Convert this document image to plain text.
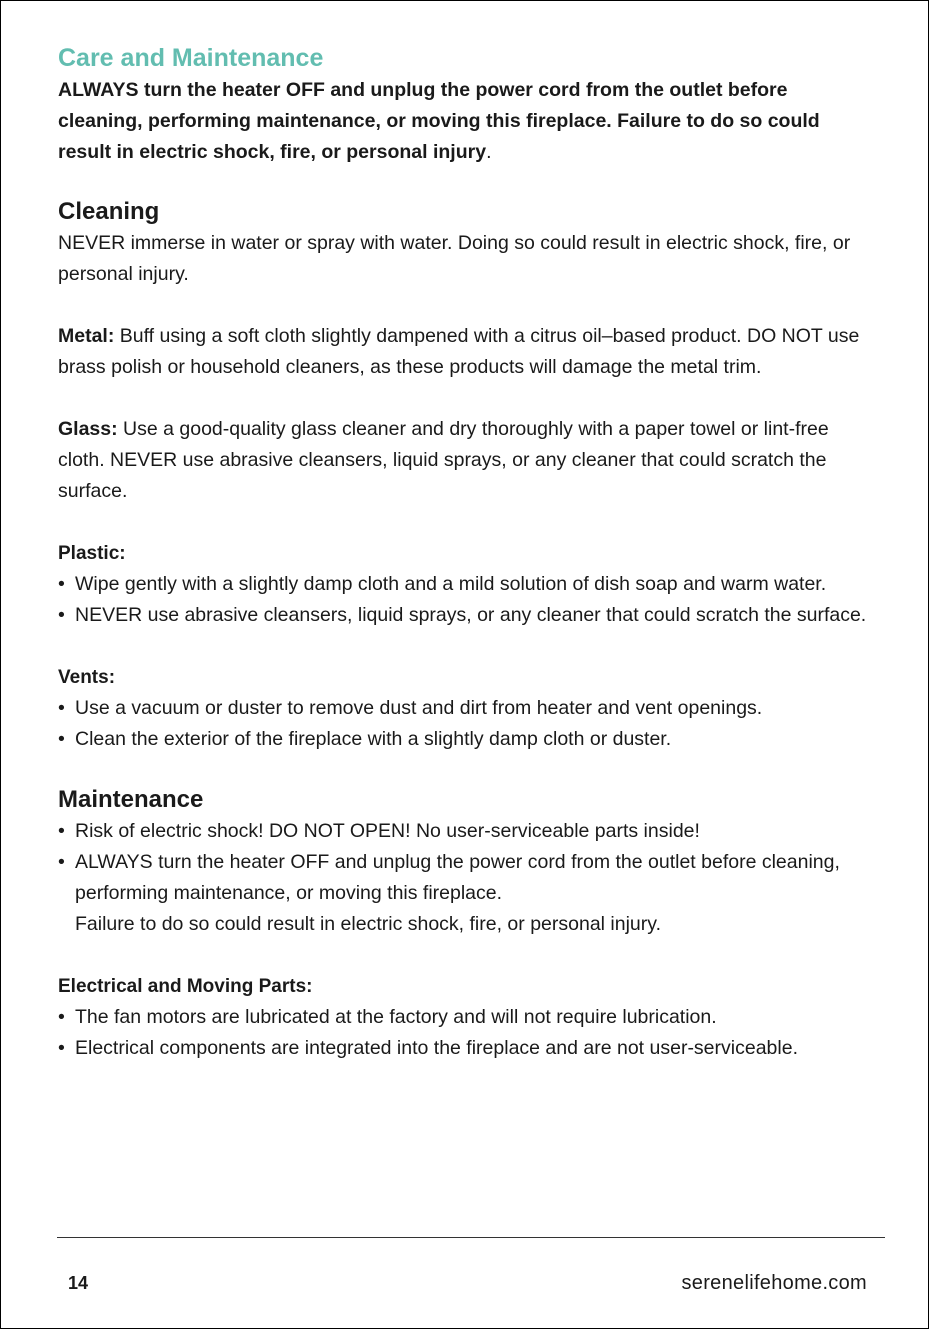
Care and Maintenance

ALWAYS turn the heater OFF and unplug the power cord from the outlet before cleaning, performing maintenance, or moving this fireplace. Failure to do so could result in electric shock, fire, or personal injury.

Cleaning

NEVER immerse in water or spray with water. Doing so could result in electric shock, fire, or personal injury.

Metal: Buff using a soft cloth slightly dampened with a citrus oil–based product. DO NOT use brass polish or household cleaners, as these products will damage the metal trim.

Glass: Use a good-quality glass cleaner and dry thoroughly with a paper towel or lint-free cloth. NEVER use abrasive cleansers, liquid sprays, or any cleaner that could scratch the surface.

Plastic:
• Wipe gently with a slightly damp cloth and a mild solution of dish soap and warm water.
• NEVER use abrasive cleansers, liquid sprays, or any cleaner that could scratch the surface.
Vents:
• Use a vacuum or duster to remove dust and dirt from heater and vent openings.
• Clean the exterior of the fireplace with a slightly damp cloth or duster.
Maintenance
• Risk of electric shock! DO NOT OPEN! No user-serviceable parts inside!
• ALWAYS turn the heater OFF and unplug the power cord from the outlet before cleaning, performing maintenance, or moving this fireplace.
Failure to do so could result in electric shock, fire, or personal injury.
Electrical and Moving Parts:
• The fan motors are lubricated at the factory and will not require lubrication.
• Electrical components are integrated into the fireplace and are not user-serviceable.
14	serenelifehome.com
